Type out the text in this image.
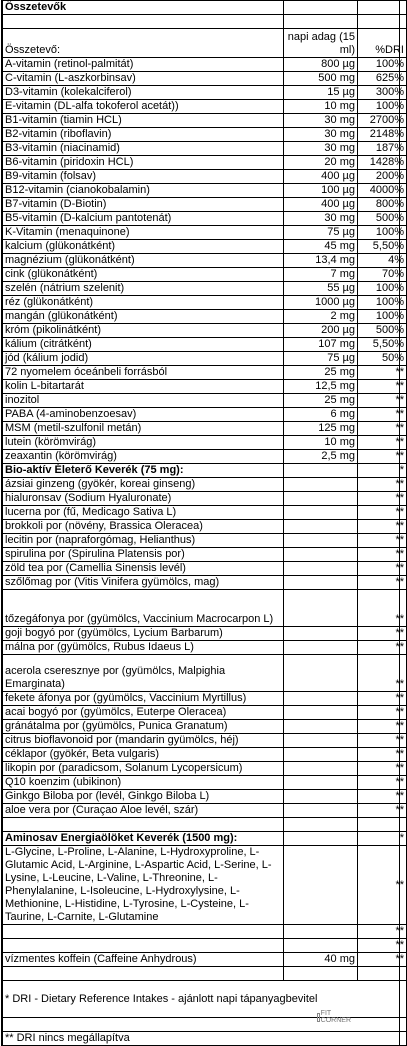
Összetevők		

Összetevő:	napi adag (15 ml)	%DRI
A-vitamin (retinol-palmitát)	800 µg	100%
C-vitamin (L-aszkorbinsav)	500 mg	625%
D3-vitamin (kolekalciferol)	15 µg	300%
E-vitamin (DL-alfa tokoferol acetát))	10 mg	100%
B1-vitamin (tiamin HCL)	30 mg	2700%
B2-vitamin (riboflavin)	30 mg	2148%
B3-vitamin (niacinamid)	30 mg	187%
B6-vitamin (piridoxin HCL)	20 mg	1428%
B9-vitamin (folsav)	400 µg	200%
B12-vitamin (cianokobalamin)	100 µg	4000%
B7-vitamin (D-Biotin)	400 µg	800%
B5-vitamin (D-kalcium pantotenát)	30 mg	500%
K-Vitamin (menaquinone)	75 µg	100%
kalcium (glükonátként)	45 mg	5,50%
magnézium (glükonátként)	13,4 mg	4%
cink (glükonátként)	7 mg	70%
szelén (nátrium szelenit)	55 µg	100%
réz (glükonátként)	1000 µg	100%
mangán (glükonátként)	2 mg	100%
króm (pikolinátként)	200 µg	500%
kálium (citrátként)	107 mg	5,50%
jód (kálium jodid)	75 µg	50%
72 nyomelem óceánbeli forrásból	25 mg	**
kolin L-bitartarát	12,5 mg	**
inozitol	25 mg	**
PABA (4-aminobenzoesav)	6 mg	**
MSM (metil-szulfonil metán)	125 mg	**
lutein (körömvirág)	10 mg	**
zeaxantin (körömvirág)	2,5 mg	**
Bio-aktív Életerő Keverék (75 mg):		*
ázsiai ginzeng (gyökér, koreai ginseng)		**
hialuronsav (Sodium Hyaluronate)		**
lucerna por (fű, Medicago Sativa L)		**
brokkoli por (növény, Brassica Oleracea)		**
lecitin por (napraforgómag, Helianthus)		**
spirulina por (Spirulina Platensis por)		**
zöld tea por (Camellia Sinensis levél)		**
szőlőmag por (Vitis Vinifera gyümölcs, mag)		**
tőzegáfonya por (gyümölcs, Vaccinium Macrocarpon L)		**
goji bogyó por (gyümölcs, Lycium Barbarum)		**
málna por (gyümölcs, Rubus Idaeus L)		**
acerola cseresznye por (gyümölcs, Malpighia Emarginata)		**
fekete áfonya por (gyümölcs, Vaccinium Myrtillus)		**
acai bogyó por (gyümölcs, Euterpe Oleracea)		**
gránátalma por (gyümölcs, Punica Granatum)		**
citrus bioflavonoid por (mandarin gyümölcs, héj)		**
céklapor (gyökér, Beta vulgaris)		**
likopin por (paradicsom, Solanum Lycopersicum)		**
Q10 koenzim (ubikinon)		**
Ginkgo Biloba por (levél, Ginkgo Biloba L)		**
aloe vera por (Curaçao Aloe levél, szár)		**

Aminosav Energiaölöket Keverék (1500 mg):		*
L-Glycine, L-Proline, L-Alanine, L-Hydroxyproline, L-Glutamic Acid, L-Arginine, L-Aspartic Acid, L-Serine, L-Lysine, L-Leucine, L-Valine, L-Threonine, L-Phenylalanine, L-Isoleucine, L-Hydroxylysine, L-Methionine, L-Histidine, L-Tyrosine, L-Cysteine, L-Taurine, L-Carnite, L-Glutamine		**
		**
		**
vízmentes koffein (Caffeine Anhydrous)	40 mg	**

* DRI - Dietary Reference Intakes - ajánlott napi tápanyagbevitel		

** DRI nincs megállapítva		
FIT CORNER
